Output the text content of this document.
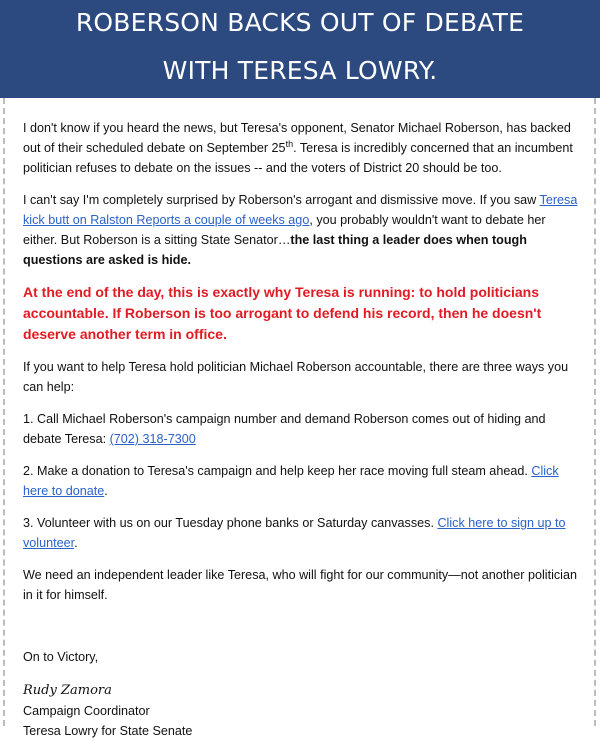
ROBERSON BACKS OUT OF DEBATE
WITH TERESA LOWRY.

I don't know if you heard the news, but Teresa's opponent, Senator Michael Roberson, has backed out of their scheduled debate on September 25th. Teresa is incredibly concerned that an incumbent politician refuses to debate on the issues -- and the voters of District 20 should be too.

I can't say I'm completely surprised by Roberson's arrogant and dismissive move. If you saw Teresa kick butt on Ralston Reports a couple of weeks ago, you probably wouldn't want to debate her either. But Roberson is a sitting State Senator…the last thing a leader does when tough questions are asked is hide.

At the end of the day, this is exactly why Teresa is running: to hold politicians accountable. If Roberson is too arrogant to defend his record, then he doesn't deserve another term in office.

If you want to help Teresa hold politician Michael Roberson accountable, there are three ways you can help:

1. Call Michael Roberson's campaign number and demand Roberson comes out of hiding and debate Teresa: (702) 318-7300

2. Make a donation to Teresa's campaign and help keep her race moving full steam ahead. Click here to donate.

3. Volunteer with us on our Tuesday phone banks or Saturday canvasses. Click here to sign up to volunteer.

We need an independent leader like Teresa, who will fight for our community—not another politician in it for himself.

On to Victory,

Rudy Zamora
Campaign Coordinator
Teresa Lowry for State Senate
